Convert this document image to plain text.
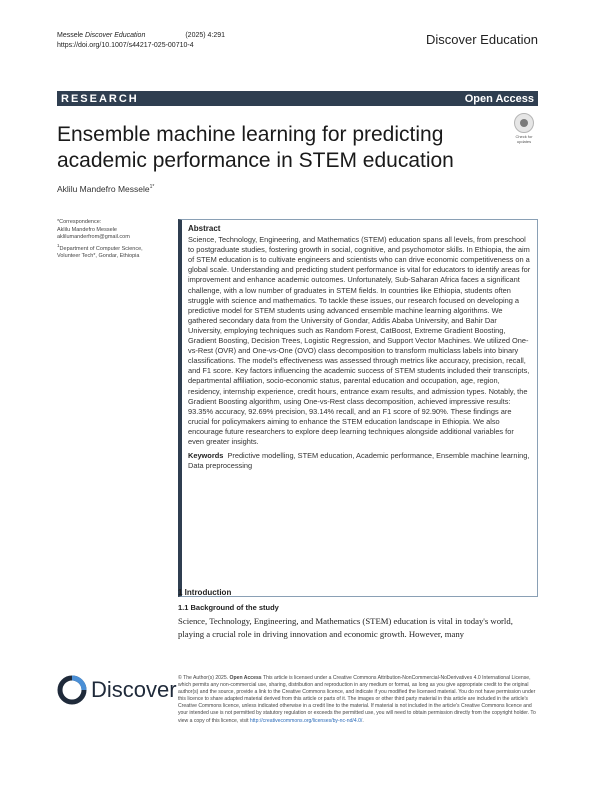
Messele Discover Education	(2025) 4:291
https://doi.org/10.1007/s44217-025-00710-4	Discover Education
RESEARCH	Open Access
Ensemble machine learning for predicting academic performance in STEM education
Check for
updates
Aklilu Mandefro Messele$^{1*}$

*Correspondence:

Aklilu Mandefro Messele

aklilumanderfrom@gmail.com

$^1$Department of Computer Science, Volunteer Tech*, Gondar, Ethiopia

Abstract

Science, Technology, Engineering, and Mathematics (STEM) education spans all levels, from preschool to postgraduate studies, fostering growth in social, cognitive, and psychomotor skills. In Ethiopia, the aim of STEM education is to cultivate engineers and scientists who can drive economic competitiveness on a global scale. Understanding and predicting student performance is vital for educators to identify areas for improvement and enhance academic outcomes. Unfortunately, Sub-Saharan Africa faces a significant challenge, with a low number of graduates in STEM fields. In countries like Ethiopia, students often struggle with science and mathematics. To tackle these issues, our research focused on developing a predictive model for STEM students using advanced ensemble machine learning algorithms. We gathered secondary data from the University of Gondar, Addis Ababa University, and Bahir Dar University, employing techniques such as Random Forest, CatBoost, Extreme Gradient Boosting, Gradient Boosting, Decision Trees, Logistic Regression, and Support Vector Machines. We utilized One-vs-Rest (OVR) and One-vs-One (OVO) class decomposition to transform multiclass labels into binary classifications. The model's effectiveness was assessed through metrics like accuracy, precision, recall, and F1 score. Key factors influencing the academic success of STEM students included their transcripts, departmental affiliation, socio-economic status, parental education and occupation, age, region, residency, internship experience, credit hours, entrance exam results, and admission types. Notably, the Gradient Boosting algorithm, using One-vs-Rest class decomposition, achieved impressive results: 93.35% accuracy, 92.69% precision, 93.14% recall, and an F1 score of 92.90%. These findings are crucial for policymakers aiming to enhance the STEM education landscape in Ethiopia. We also encourage future researchers to explore deep learning techniques alongside additional variables for even greater insights.

Keywords Predictive modelling, STEM education, Academic performance, Ensemble machine learning, Data preprocessing

1 Introduction
1.1 Background of the study

Science, Technology, Engineering, and Mathematics (STEM) education is vital in today's world, playing a crucial role in driving innovation and economic growth. However, many

Discover © The Author(s) 2025. Open Access This article is licensed under a Creative Commons Attribution-NonCommercial-NoDerivatives 4.0 International License, which permits any non-commercial use, sharing, distribution and reproduction in any medium or format, as long as you give appropriate credit to the original author(s) and the source, provide a link to the Creative Commons licence, and indicate if you modified the licensed material. You do not have permission under this licence to share adapted material derived from this article or parts of it. The images or other third party material in this article are included in the article's Creative Commons licence, unless indicated otherwise in a credit line to the material. If material is not included in the article's Creative Commons licence and your intended use is not permitted by statutory regulation or exceeds the permitted use, you will need to obtain permission directly from the copyright holder. To view a copy of this licence, visit http://creativecommons.org/licenses/by-nc-nd/4.0/.
